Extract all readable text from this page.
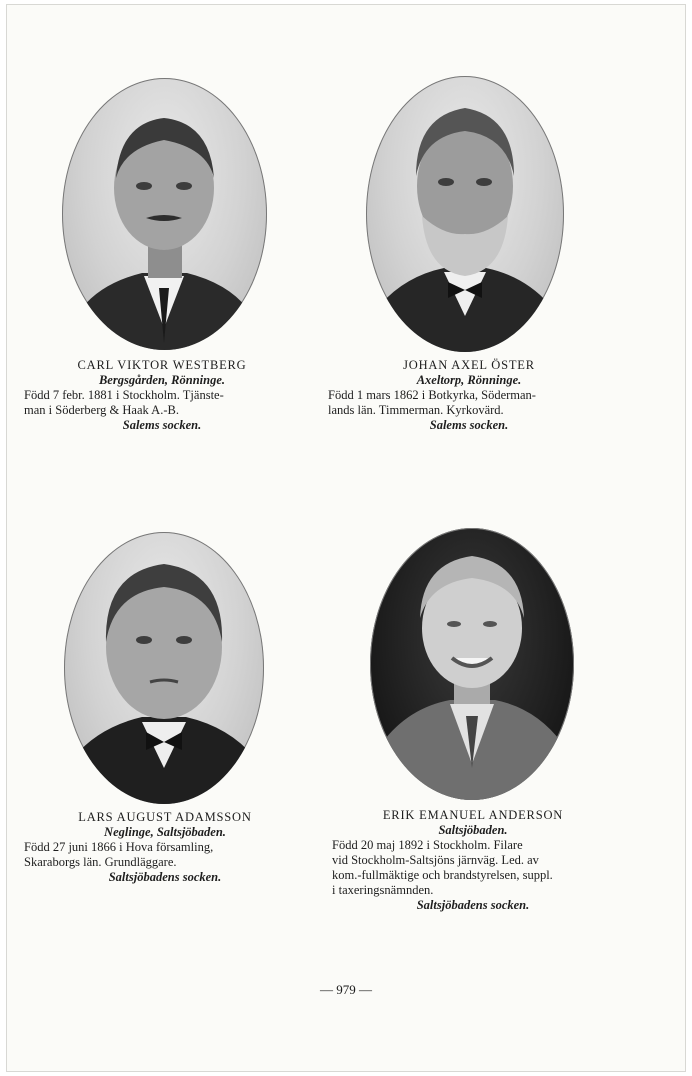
CARL VIKTOR WESTBERG
Bergsgården, Rönninge.
Född 7 febr. 1881 i Stockholm. Tjänste-
man i Söderberg & Haak A.-B.
Salems socken.
JOHAN AXEL ÖSTER
Axeltorp, Rönninge.
Född 1 mars 1862 i Botkyrka, Söderman-
lands län. Timmerman. Kyrkovärd.
Salems socken.
LARS AUGUST ADAMSSON
Neglinge, Saltsjöbaden.
Född 27 juni 1866 i Hova församling,
Skaraborgs län. Grundläggare.
Saltsjöbadens socken.
ERIK EMANUEL ANDERSON
Saltsjöbaden.
Född 20 maj 1892 i Stockholm. Filare
vid Stockholm-Saltsjöns järnväg. Led. av
kom.-fullmäktige och brandstyrelsen, suppl.
i taxeringsnämnden.
Saltsjöbadens socken.
— 979 —
